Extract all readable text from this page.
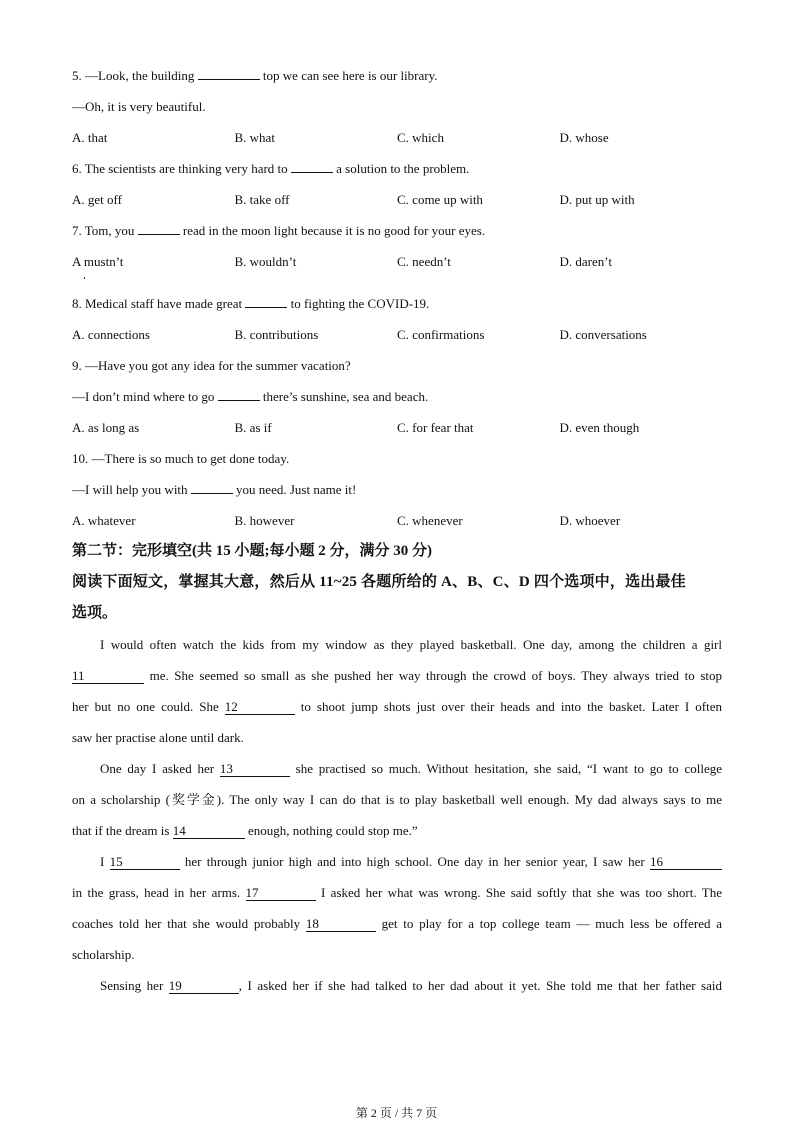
5. —Look, the building	top we can see here is our library.
—Oh, it is very beautiful.
A. that	B. what	C. which	D. whose
6. The scientists are thinking very hard to	a solution to the problem.
A. get off	B. take off	C. come up with	D. put up with
7. Tom, you	read in the moon light because it is no good for your eyes.
A mustn’t	B. wouldn’t	C. needn’t	D. daren’t
8. Medical staff have made great	to fighting the COVID-19.
A. connections	B. contributions	C. confirmations	D. conversations
9. —Have you got any idea for the summer vacation?
—I don’t mind where to go	there’s sunshine, sea and beach.
A. as long as	B. as if	C. for fear that	D. even though
10. —There is so much to get done today.
—I will help you with	you need. Just name it!
A. whatever	B. however	C. whenever	D. whoever
第二节：完形填空(共 15 小题;每小题 2 分，满分 30 分)
阅读下面短文，掌握其大意，然后从 11~25 各题所给的 A、B、C、D 四个选项中，选出最佳
选项。
I would often watch the kids from my window as they played basketball. One day, among the children a girl
11	me. She seemed so small as she pushed her way through the crowd of boys. They always tried to stop
her but no one could. She 12	to shoot jump shots just over their heads and into the basket. Later I often
saw her practise alone until dark.
One day I asked her 13	she practised so much. Without hesitation, she said, “I want to go to college
on a scholarship (奖学金). The only way I can do that is to play basketball well enough. My dad always says to me
that if the dream is 14	enough, nothing could stop me.”
I 15	her through junior high and into high school. One day in her senior year, I saw her 16
in the grass, head in her arms. 17	I asked her what was wrong. She said softly that she was too short. The
coaches told her that she would probably 18	get to play for a top college team — much less be offered a
scholarship.
Sensing her 19	, I asked her if she had talked to her dad about it yet. She told me that her father said
第 2 页 / 共 7 页
